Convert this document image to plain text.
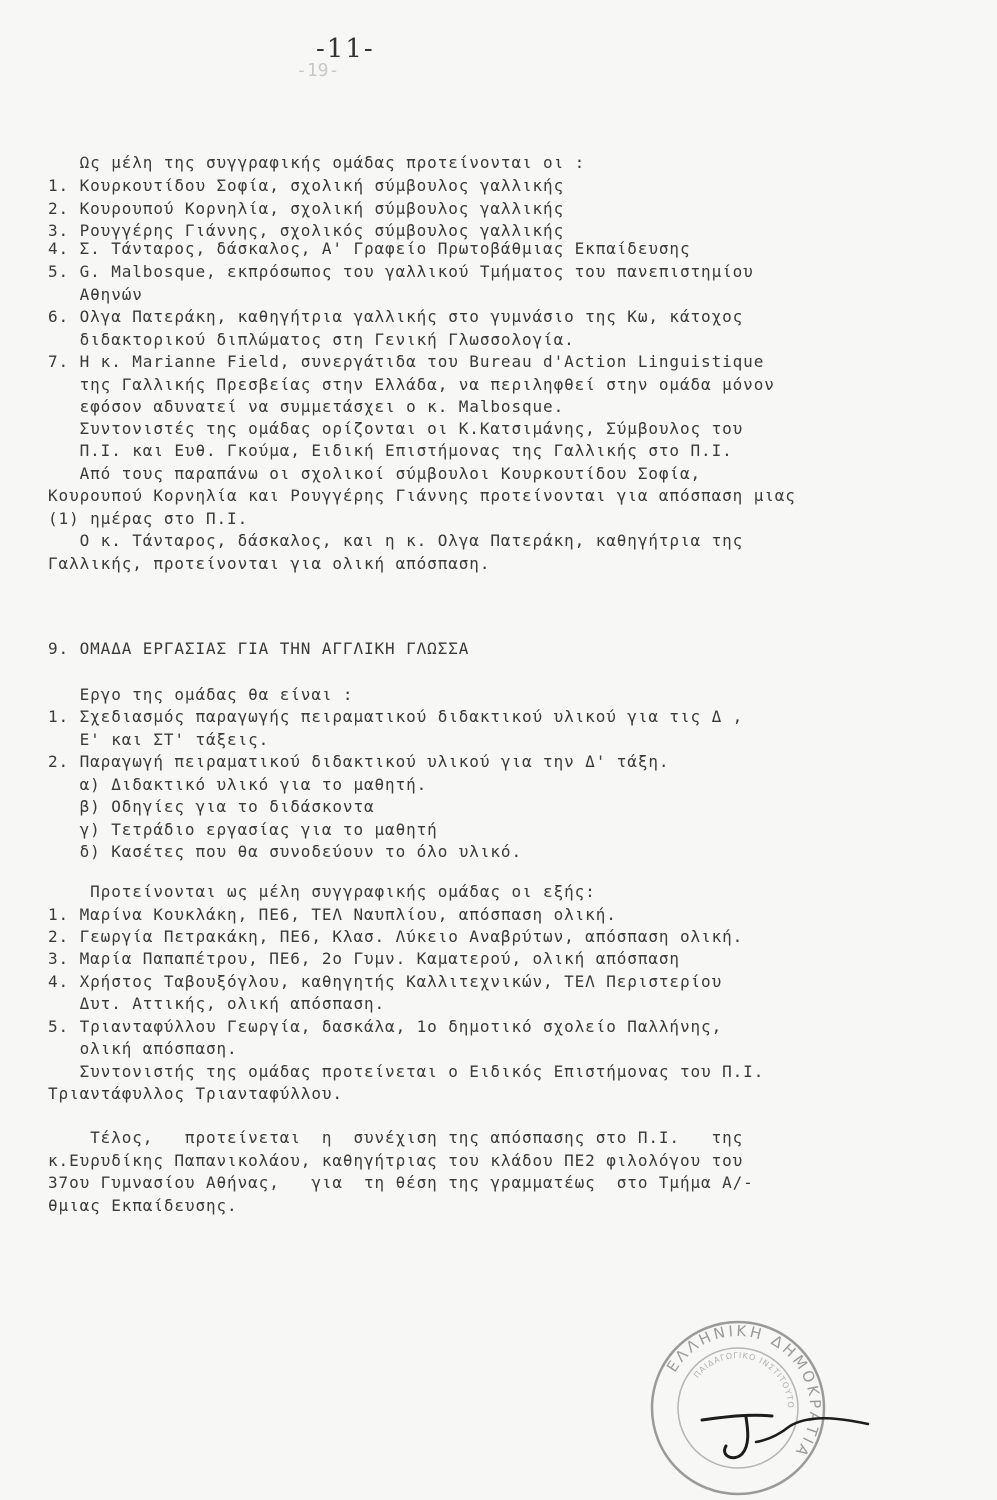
-19-
-11-
Ως μέλη της συγγραφικής ομάδας προτείνονται οι :
1. Κουρκουτίδου Σοφία, σχολική σύμβουλος γαλλικής
2. Κουρουπού Κορνηλία, σχολική σύμβουλος γαλλικής
3. Ρουγγέρης Γιάννης, σχολικός σύμβουλος γαλλικής
4. Σ. Τάνταρος, δάσκαλος, Α' Γραφείο Πρωτοβάθμιας Εκπαίδευσης
5. G. Malbosque, εκπρόσωπος του γαλλικού Τμήματος του πανεπιστημίου
Αθηνών
6. Ολγα Πατεράκη, καθηγήτρια γαλλικής στο γυμνάσιο της Κω, κάτοχος
διδακτορικού διπλώματος στη Γενική Γλωσσολογία.
7. Η κ. Marianne Field, συνεργάτιδα του Bureau d'Action Linguistique
της Γαλλικής Πρεσβείας στην Ελλάδα, να περιληφθεί στην ομάδα μόνον
εφόσον αδυνατεί να συμμετάσχει ο κ. Malbosque.
Συντονιστές της ομάδας ορίζονται οι Κ.Κατσιμάνης, Σύμβουλος του
Π.Ι. και Ευθ. Γκούμα, Ειδική Επιστήμονας της Γαλλικής στο Π.Ι.
Από τους παραπάνω οι σχολικοί σύμβουλοι Κουρκουτίδου Σοφία,
Κουρουπού Κορνηλία και Ρουγγέρης Γιάννης προτείνονται για απόσπαση μιας
(1) ημέρας στο Π.Ι.
Ο κ. Τάνταρος, δάσκαλος, και η κ. Ολγα Πατεράκη, καθηγήτρια της
Γαλλικής, προτείνονται για ολική απόσπαση.
9. ΟΜΑΔΑ ΕΡΓΑΣΙΑΣ ΓΙΑ ΤΗΝ ΑΓΓΛΙΚΗ ΓΛΩΣΣΑ
Εργο της ομάδας θα είναι :
1. Σχεδιασμός παραγωγής πειραματικού διδακτικού υλικού για τις Δ ,
Ε' και ΣΤ' τάξεις.
2. Παραγωγή πειραματικού διδακτικού υλικού για την Δ' τάξη.
α) Διδακτικό υλικό για το μαθητή.
β) Οδηγίες για το διδάσκοντα
γ) Τετράδιο εργασίας για το μαθητή
δ) Κασέτες που θα συνοδεύουν το όλο υλικό.
Προτείνονται ως μέλη συγγραφικής ομάδας οι εξής:
1. Μαρίνα Κουκλάκη, ΠΕ6, ΤΕΛ Ναυπλίου, απόσπαση ολική.
2. Γεωργία Πετρακάκη, ΠΕ6, Κλασ. Λύκειο Αναβρύτων, απόσπαση ολική.
3. Μαρία Παπαπέτρου, ΠΕ6, 2ο Γυμν. Καματερού, ολική απόσπαση
4. Χρήστος Ταβουξόγλου, καθηγητής Καλλιτεχνικών, ΤΕΛ Περιστερίου
Δυτ. Αττικής, ολική απόσπαση.
5. Τριανταφύλλου Γεωργία, δασκάλα, 1ο δημοτικό σχολείο Παλλήνης,
ολική απόσπαση.
Συντονιστής της ομάδας προτείνεται ο Ειδικός Επιστήμονας του Π.Ι.
Τριαντάφυλλος Τριανταφύλλου.
Τέλος,   προτείνεται  η  συνέχιση της απόσπασης στο Π.Ι.   της
κ.Ευρυδίκης Παπανικολάου, καθηγήτριας του κλάδου ΠΕ2 φιλολόγου του
37ου Γυμνασίου Αθήνας,   για  τη θέση της γραμματέως  στο Τμήμα Α/-
θμιας Εκπαίδευσης.
ΕΛΛΗΝΙΚΗ ΔΗΜΟΚΡΑΤΙΑ
ΠΑΙΔΑΓΩΓΙΚΟ ΙΝΣΤΙΤΟΥΤΟ
